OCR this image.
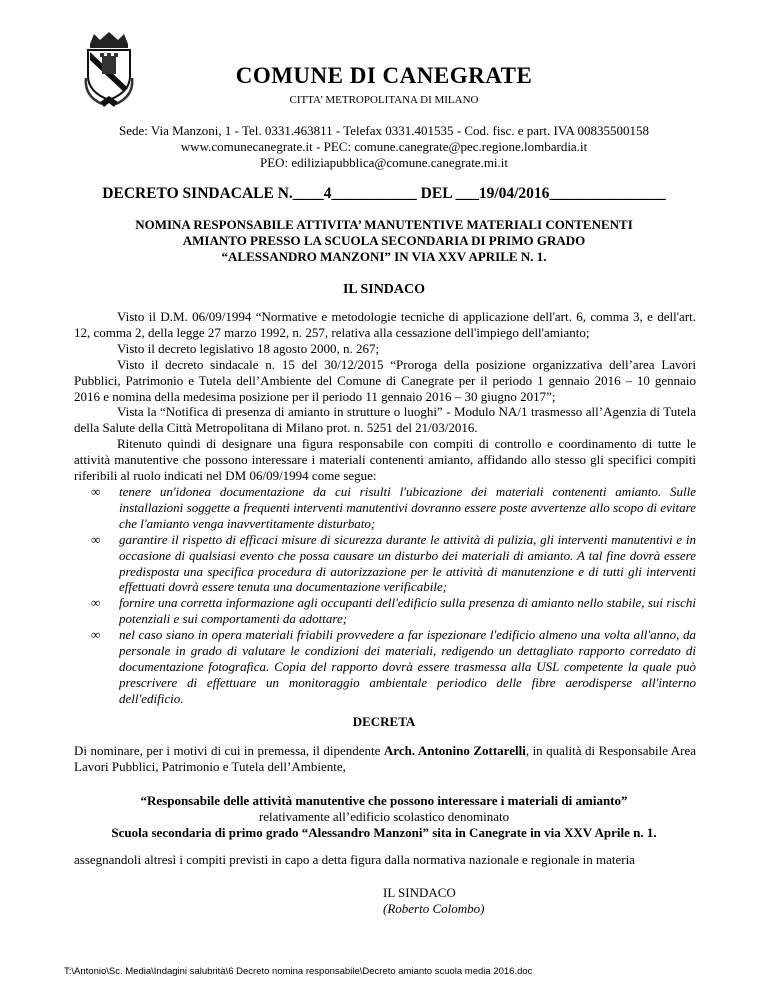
COMUNE DI CANEGRATE
CITTA’ METROPOLITANA DI MILANO
Sede: Via Manzoni, 1 - Tel. 0331.463811 - Telefax 0331.401535 - Cod. fisc. e part. IVA 00835500158
www.comunecanegrate.it - PEC: comune.canegrate@pec.regione.lombardia.it
PEO: ediliziapubblica@comune.canegrate.mi.it
DECRETO SINDACALE N.____4___________ DEL ___19/04/2016_______________
NOMINA RESPONSABILE ATTIVITA’ MANUTENTIVE MATERIALI CONTENENTI
AMIANTO PRESSO LA SCUOLA SECONDARIA DI PRIMO GRADO
“ALESSANDRO MANZONI” IN VIA XXV APRILE N. 1.
IL SINDACO

Visto il D.M. 06/09/1994 “Normative e metodologie tecniche di applicazione dell'art. 6, comma 3, e dell'art. 12, comma 2, della legge 27 marzo 1992, n. 257, relativa alla cessazione dell'impiego dell'amianto;

Visto il decreto legislativo 18 agosto 2000, n. 267;

Visto il decreto sindacale n. 15 del 30/12/2015 “Proroga della posizione organizzativa dell’area Lavori Pubblici, Patrimonio e Tutela dell’Ambiente del Comune di Canegrate per il periodo 1 gennaio 2016 – 10 gennaio 2016 e nomina della medesima posizione per il periodo 11 gennaio 2016 – 30 giugno 2017”;

Vista la “Notifica di presenza di amianto in strutture o luoghi” - Modulo NA/1 trasmesso all’Agenzia di Tutela della Salute della Città Metropolitana di Milano prot. n. 5251 del 21/03/2016.

Ritenuto quindi di designare una figura responsabile con compiti di controllo e coordinamento di tutte le attività manutentive che possono interessare i materiali contenenti amianto, affidando allo stesso gli specifici compiti riferibili al ruolo indicati nel DM 06/09/1994 come segue:

∞ tenere un'idonea documentazione da cui risulti l'ubicazione dei materiali contenenti amianto. Sulle installazioni soggette a frequenti interventi manutentivi dovranno essere poste avvertenze allo scopo di evitare che l'amianto venga inavvertitamente disturbato;
∞ garantire il rispetto di efficaci misure di sicurezza durante le attività di pulizia, gli interventi manutentivi e in occasione di qualsiasi evento che possa causare un disturbo dei materiali di amianto. A tal fine dovrà essere predisposta una specifica procedura di autorizzazione per le attività di manutenzione e di tutti gli interventi effettuati dovrà essere tenuta una documentazione verificabile;
∞ fornire una corretta informazione agli occupanti dell'edificio sulla presenza di amianto nello stabile, sui rischi potenziali e sui comportamenti da adottare;
∞ nel caso siano in opera materiali friabili provvedere a far ispezionare l'edificio almeno una volta all'anno, da personale in grado di valutare le condizioni dei materiali, redigendo un dettagliato rapporto corredato di documentazione fotografica. Copia del rapporto dovrà essere trasmessa alla USL competente la quale può prescrivere di effettuare un monitoraggio ambientale periodico delle fibre aerodisperse all'interno dell'edificio.
DECRETA
Di nominare, per i motivi di cui in premessa, il dipendente Arch. Antonino Zottarelli, in qualità di Responsabile Area Lavori Pubblici, Patrimonio e Tutela dell’Ambiente,
“Responsabile delle attività manutentive che possono interessare i materiali di amianto”
relativamente all’edificio scolastico denominato
Scuola secondaria di primo grado “Alessandro Manzoni” sita in Canegrate in via XXV Aprile n. 1.
assegnandoli altresì i compiti previsti in capo a detta figura dalla normativa nazionale e regionale in materia
IL SINDACO
(Roberto Colombo)
T:\Antonio\Sc. Media\Indagini salubrità\6 Decreto nomina responsabile\Decreto amianto scuola media 2016.doc
